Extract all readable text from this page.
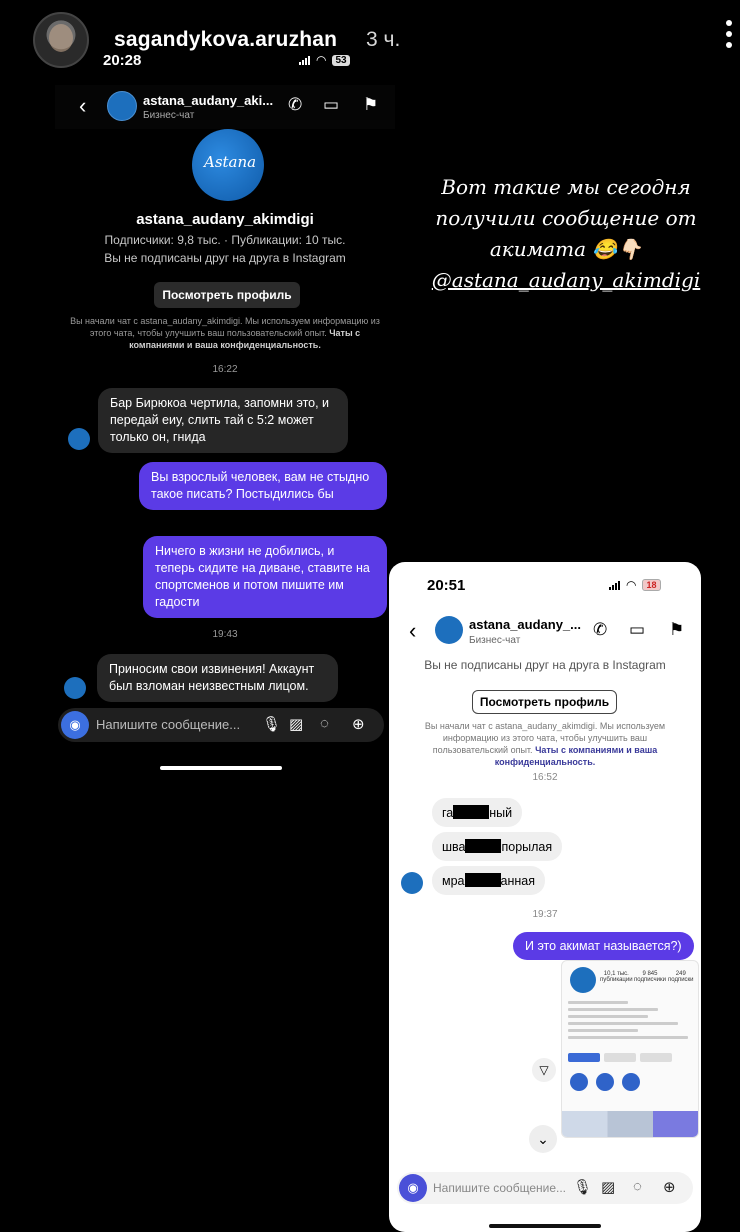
sagandykova.aruzhan 3 ч.
20:28	◠ 53
‹	astana_audany_aki...
Бизнес-чат
✆ ▭ ⚑
Astana
astana_audany_akimdigi
Подписчики: 9,8 тыс. · Публикации: 10 тыс.
Вы не подписаны друг на друга в Instagram
Посмотреть профиль
Вы начали чат с astana_audany_akimdigi. Мы используем информацию из этого чата, чтобы улучшить ваш пользовательский опыт. Чаты с компаниями и ваша конфиденциальность.
16:22
Бар Бирюкоа чертила, запомни это, и передай еиу, слить тай с 5:2 может только он, гнида
Вы взрослый человек, вам не стыдно такое писать? Постыдились бы
Ничего в жизни не добились, и теперь сидите на диване, ставите на спортсменов и потом пишите им гадости
19:43
Приносим свои извинения! Аккаунт был взломан неизвестным лицом.
◉	Напишите сообщение... 🎙 ▨ ◌ ⊕
Вот такие мы сегодня
получили сообщение от
акимата 😂👇🏻
@astana_audany_akimdigi
20:51	◠	18
‹	astana_audany_...
Бизнес-чат
✆ ▭ ⚑
Вы не подписаны друг на друга в Instagram
Посмотреть профиль
Вы начали чат с astana_audany_akimdigi. Мы используем информацию из этого чата, чтобы улучшить ваш пользовательский опыт. Чаты с компаниями и ваша конфиденциальность.
16:52
га	ный
шва	порылая
мра	анная
19:37
И это акимат называется?)
10,1 тыс.
публикации
9 845
подписчики
249
подписки
▽
⌄
◉	Напишите сообщение... 🎙 ▨ ◌ ⊕
